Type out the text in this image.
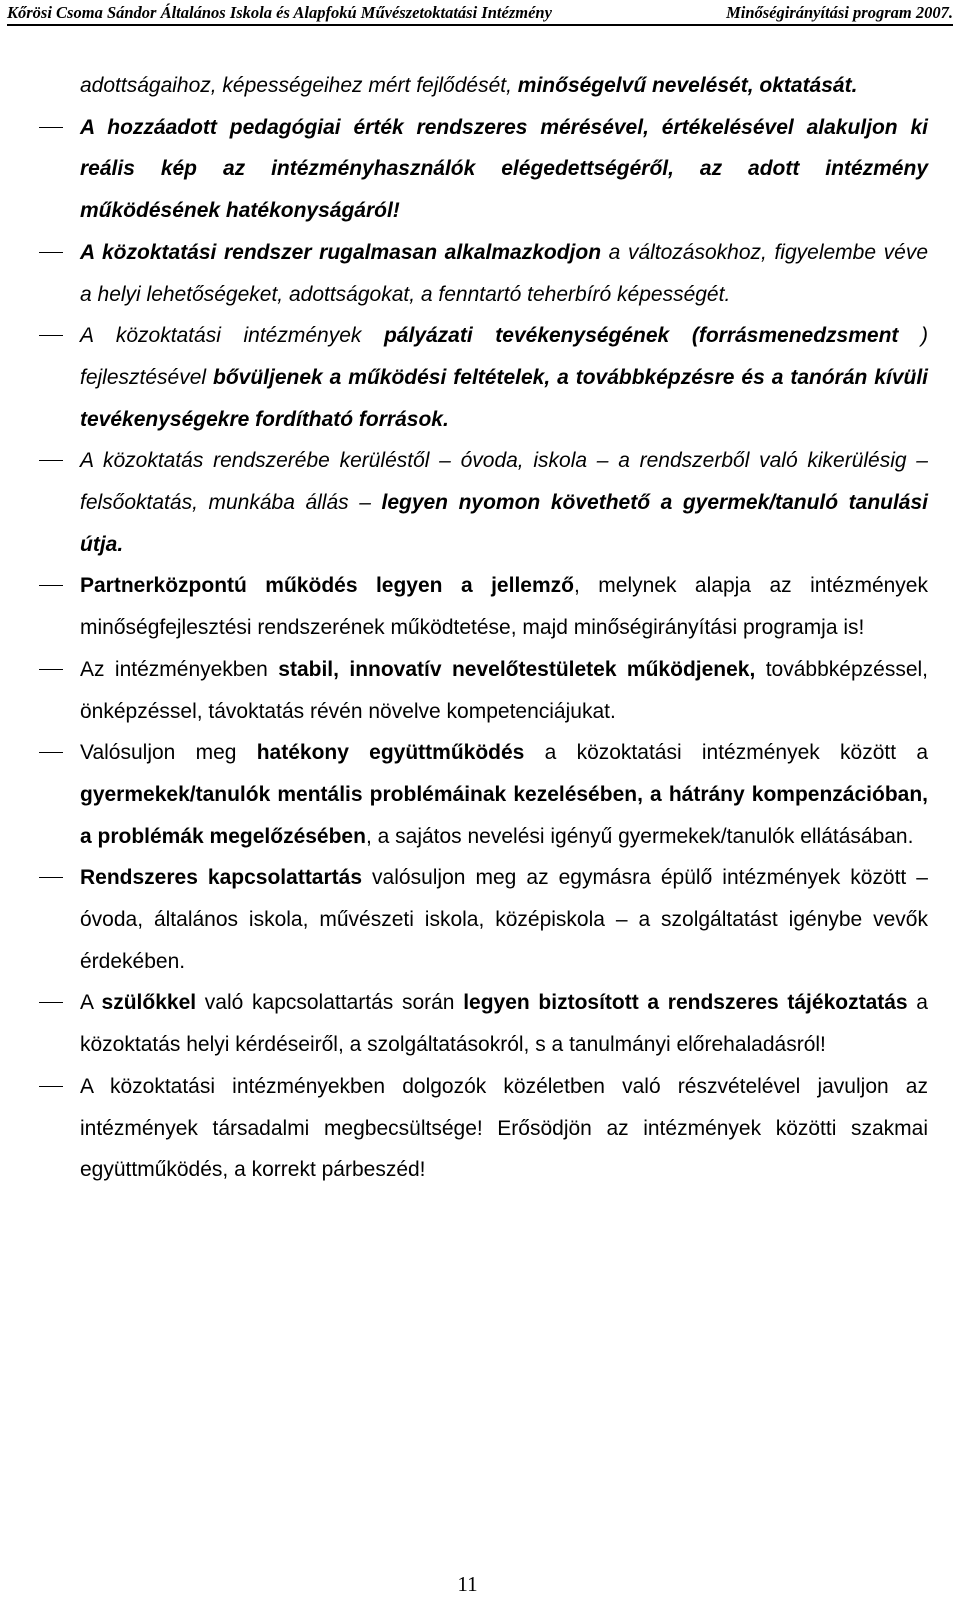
Kőrösi Csoma Sándor Általános Iskola és Alapfokú Művészetoktatási Intézmény	Minőségirányítási program 2007.

adottságaihoz, képességeihez mért fejlődését, minőségelvű nevelését, oktatását.

A hozzáadott pedagógiai érték rendszeres mérésével, értékelésével alakuljon ki reális kép az intézményhasználók elégedettségéről, az adott intézmény működésének hatékonyságáról!

A közoktatási rendszer rugalmasan alkalmazkodjon a változásokhoz, figyelembe véve a helyi lehetőségeket, adottságokat, a fenntartó teherbíró képességét.

A közoktatási intézmények pályázati tevékenységének (forrásmenedzsment ) fejlesztésével bővüljenek a működési feltételek, a továbbképzésre és a tanórán kívüli tevékenységekre fordítható források.

A közoktatás rendszerébe kerüléstől – óvoda, iskola – a rendszerből való kikerülésig – felsőoktatás, munkába állás – legyen nyomon követhető a gyermek/tanuló tanulási útja.

Partnerközpontú működés legyen a jellemző, melynek alapja az intézmények minőségfejlesztési rendszerének működtetése, majd minőségirányítási programja is!

Az intézményekben stabil, innovatív nevelőtestületek működjenek, továbbképzéssel, önképzéssel, távoktatás révén növelve kompetenciájukat.

Valósuljon meg hatékony együttműködés a közoktatási intézmények között a gyermekek/tanulók mentális problémáinak kezelésében, a hátrány kompenzációban, a problémák megelőzésében, a sajátos nevelési igényű gyermekek/tanulók ellátásában.

Rendszeres kapcsolattartás valósuljon meg az egymásra épülő intézmények között – óvoda, általános iskola, művészeti iskola, középiskola – a szolgáltatást igénybe vevők érdekében.

A szülőkkel való kapcsolattartás során legyen biztosított a rendszeres tájékoztatás a közoktatás helyi kérdéseiről, a szolgáltatásokról, s a tanulmányi előrehaladásról!

A közoktatási intézményekben dolgozók közéletben való részvételével javuljon az intézmények társadalmi megbecsültsége! Erősödjön az intézmények közötti szakmai együttműködés, a korrekt párbeszéd!

11
